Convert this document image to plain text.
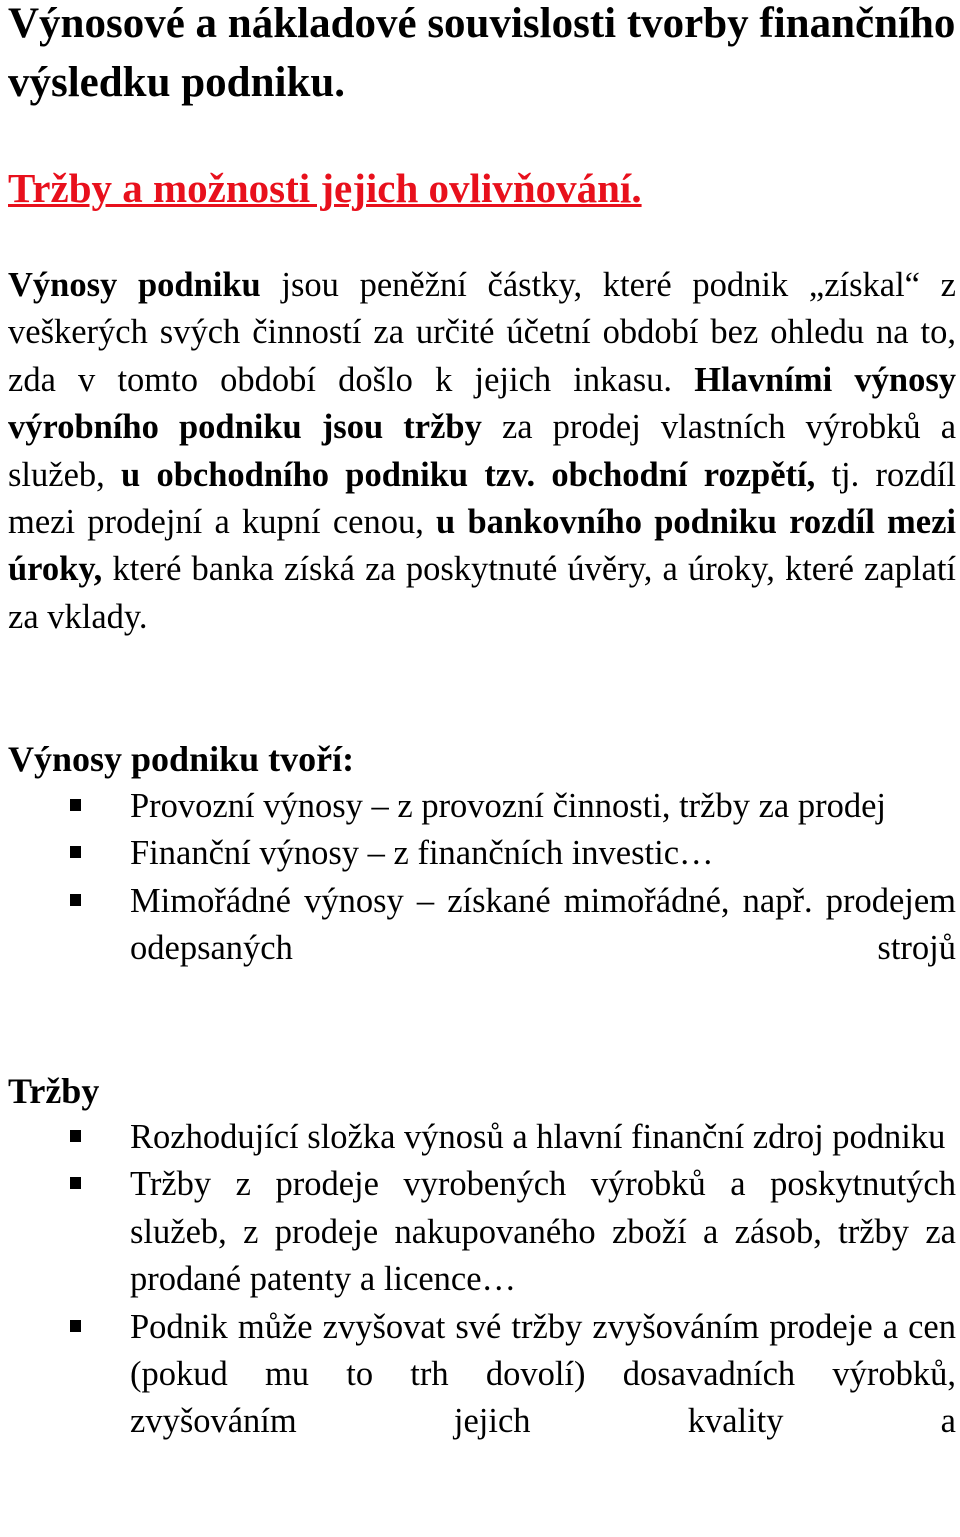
Výnosové a nákladové souvislosti tvorby finančního výsledku podniku.
Tržby a možnosti jejich ovlivňování.

Výnosy podniku jsou peněžní částky, které podnik „získal“ z veškerých svých činností za určité účetní období bez ohledu na to, zda v tomto období došlo k jejich inkasu. Hlavními výnosy výrobního podniku jsou tržby za prodej vlastních výrobků a služeb, u obchodního podniku tzv. obchodní rozpětí, tj. rozdíl mezi prodejní a kupní cenou, u bankovního podniku rozdíl mezi úroky, které banka získá za poskytnuté úvěry, a úroky, které zaplatí za vklady.

Výnosy podniku tvoří:
Provozní výnosy – z provozní činnosti, tržby za prodej
Finanční výnosy – z finančních investic…
Mimořádné výnosy – získané mimořádné, např. prodejem odepsaných strojů
Tržby
Rozhodující složka výnosů a hlavní finanční zdroj podniku
Tržby z prodeje vyrobených výrobků a poskytnutých služeb, z prodeje nakupovaného zboží a zásob, tržby za prodané patenty a licence…
Podnik může zvyšovat své tržby zvyšováním prodeje a cen (pokud mu to trh dovolí) dosavadních výrobků, zvyšováním jejich kvality a
